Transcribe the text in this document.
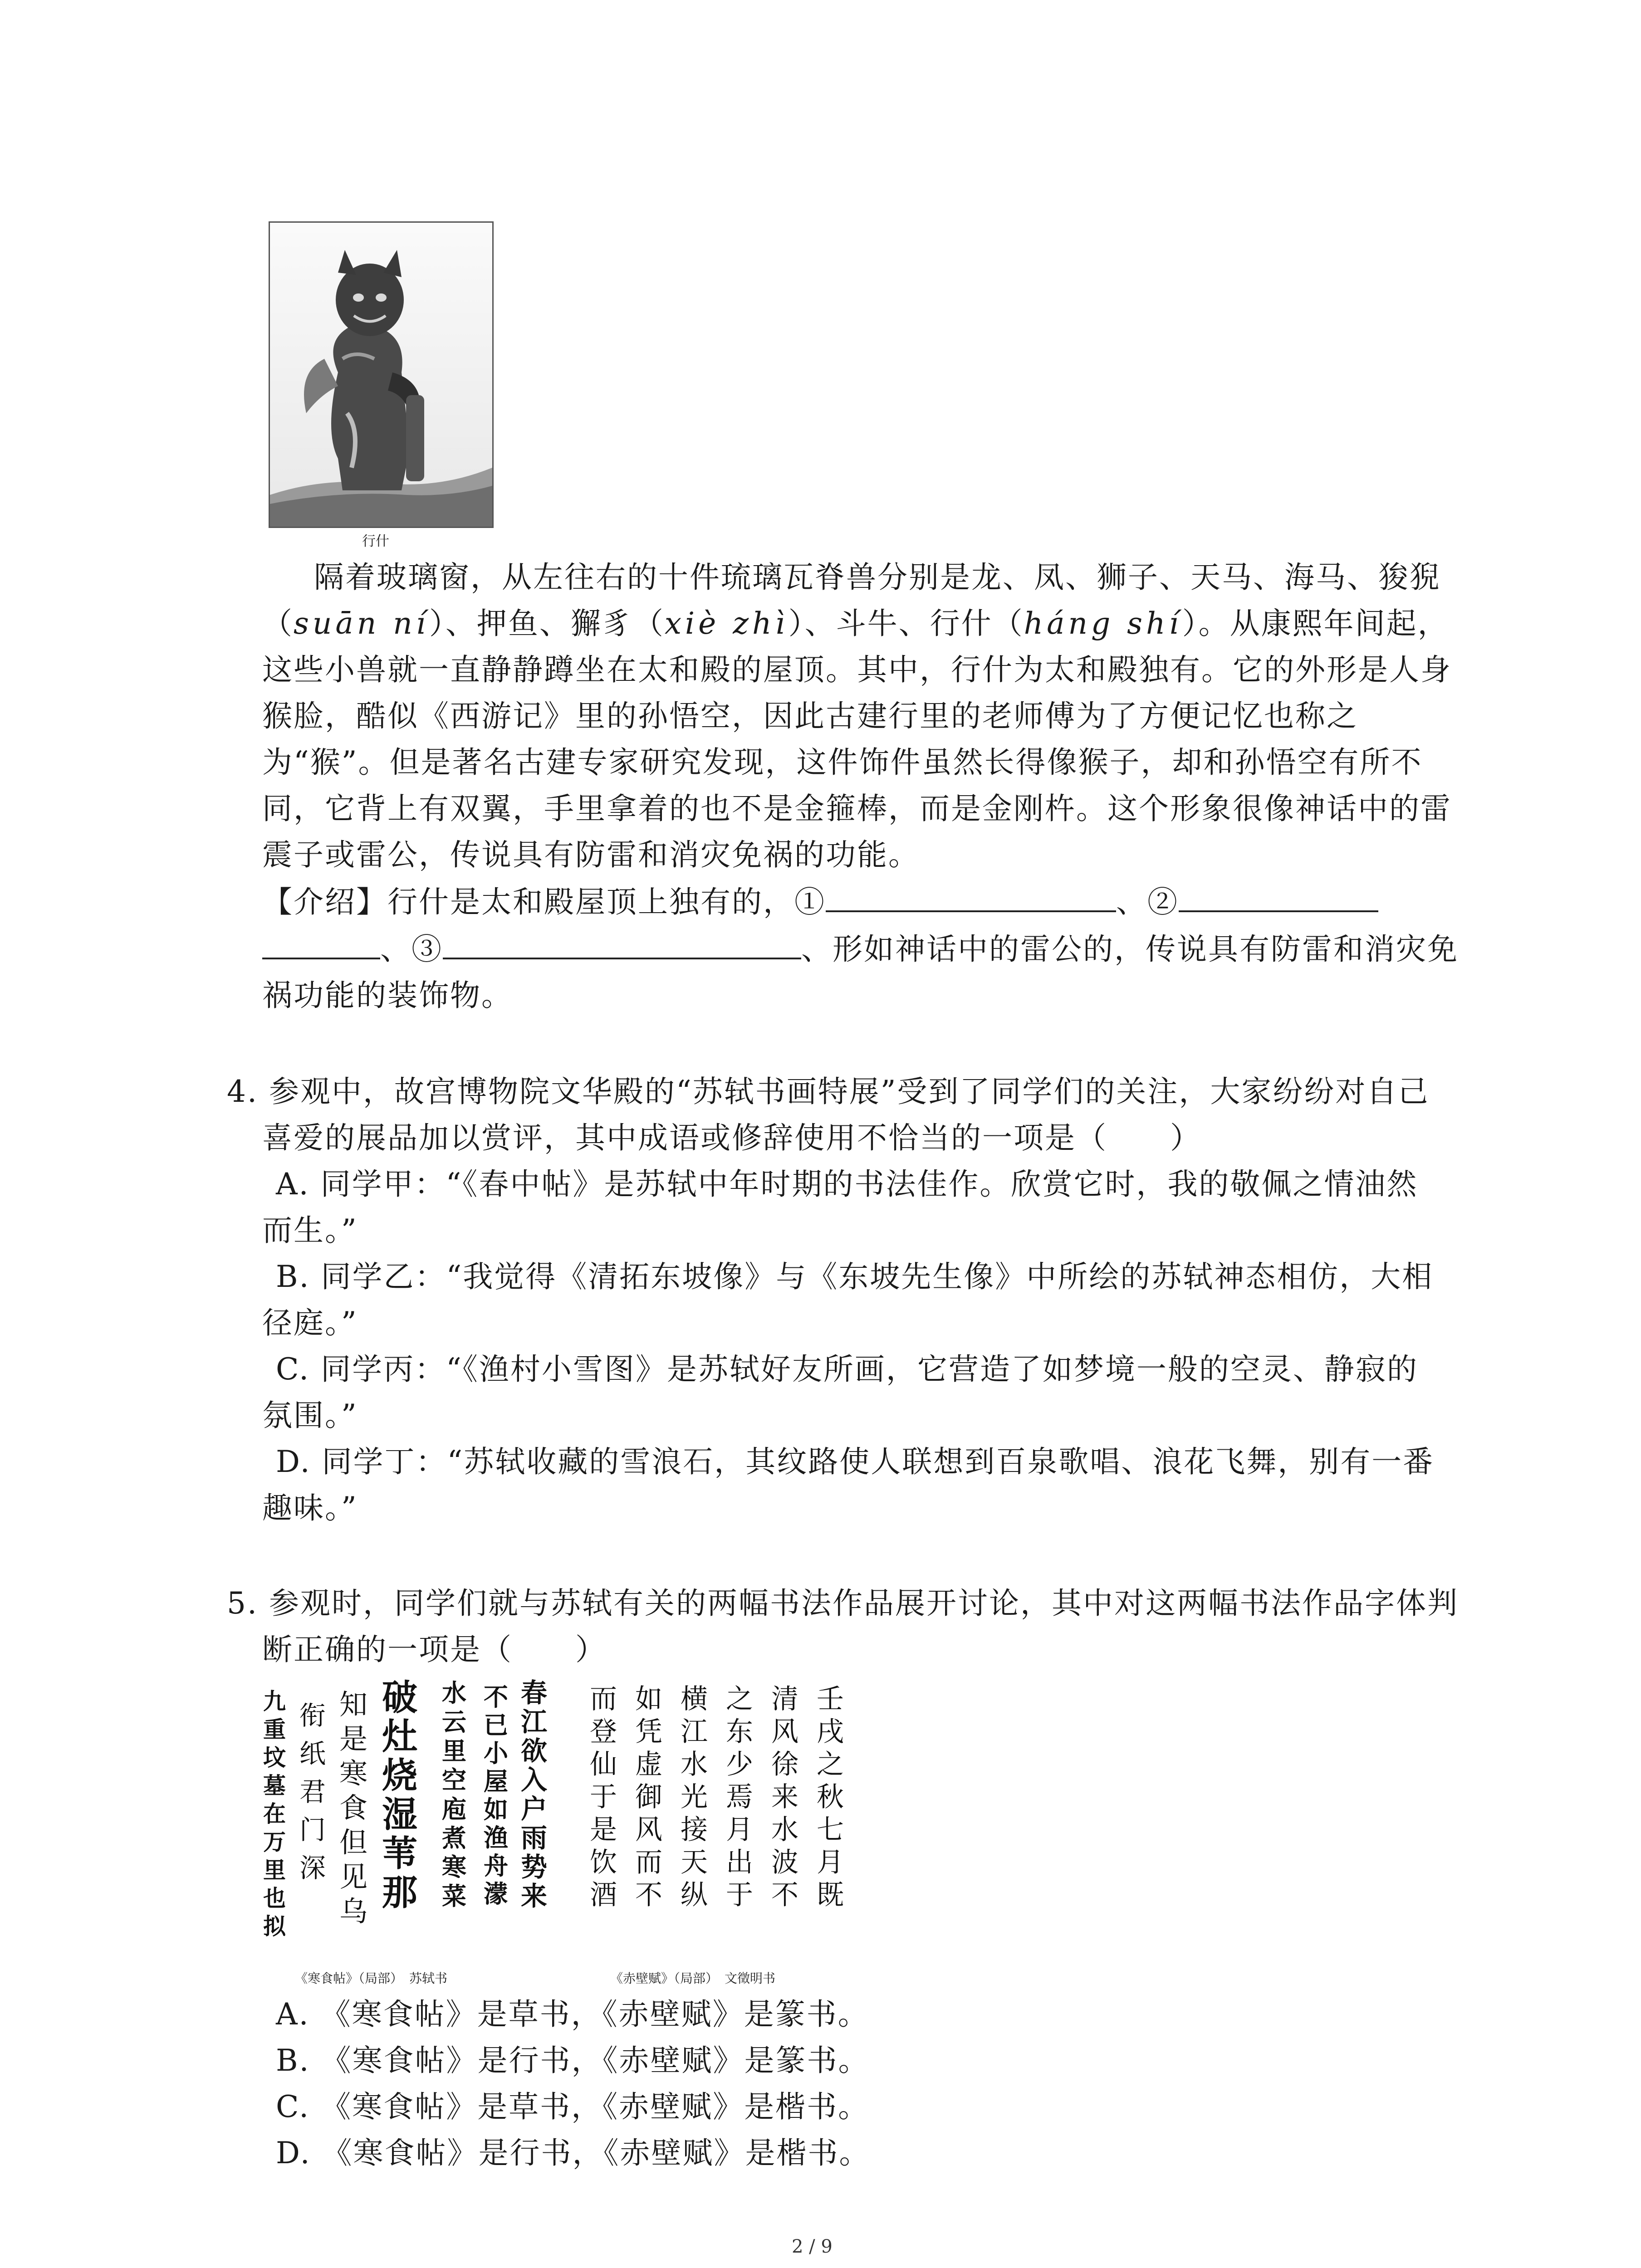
行什
隔着玻璃窗，从左往右的十件琉璃瓦脊兽分别是龙、凤、狮子、天马、海马、狻猊
（suān ní）、押鱼、獬豸（xiè zhì）、斗牛、行什（háng shí）。从康熙年间起，
这些小兽就一直静静蹲坐在太和殿的屋顶。其中，行什为太和殿独有。它的外形是人身
猴脸，酷似《西游记》里的孙悟空，因此古建行里的老师傅为了方便记忆也称之
为“猴”。但是著名古建专家研究发现，这件饰件虽然长得像猴子，却和孙悟空有所不
同，它背上有双翼，手里拿着的也不是金箍棒，而是金刚杵。这个形象很像神话中的雷
震子或雷公，传说具有防雷和消灾免祸的功能。
【介绍】行什是太和殿屋顶上独有的，①	、②
、③	、形如神话中的雷公的，传说具有防雷和消灾免
祸功能的装饰物。
4. 参观中，故宫博物院文华殿的“苏轼书画特展”受到了同学们的关注，大家纷纷对自己
喜爱的展品加以赏评，其中成语或修辞使用不恰当的一项是（　　）
A. 同学甲：“《春中帖》是苏轼中年时期的书法佳作。欣赏它时，我的敬佩之情油然
而生。”
B. 同学乙：“我觉得《清拓东坡像》与《东坡先生像》中所绘的苏轼神态相仿，大相
径庭。”
C. 同学丙：“《渔村小雪图》是苏轼好友所画，它营造了如梦境一般的空灵、静寂的
氛围。”
D. 同学丁：“苏轼收藏的雪浪石，其纹路使人联想到百泉歌唱、浪花飞舞，别有一番
趣味。”
5. 参观时，同学们就与苏轼有关的两幅书法作品展开讨论，其中对这两幅书法作品字体判
断正确的一项是（　　）
春
江
欲
入
户
雨
势
来
不
已
小
屋
如
渔
舟
濛
水
云
里
空
庖
煮
寒
菜
破
灶
烧
湿
苇
那
知
是
寒
食
但
见
乌
衔
纸
君
门
深
九
重
坟
墓
在
万
里
也
拟
《寒食帖》（局部）　苏轼书
壬
戌
之
秋
七
月
既
清
风
徐
来
水
波
不
之
东
少
焉
月
出
于
横
江
水
光
接
天
纵
如
凭
虚
御
风
而
不
而
登
仙
于
是
饮
酒
《赤壁赋》（局部）　文徵明书
A. 《寒食帖》是草书，《赤壁赋》是篆书。
B. 《寒食帖》是行书，《赤壁赋》是篆书。
C. 《寒食帖》是草书，《赤壁赋》是楷书。
D. 《寒食帖》是行书，《赤壁赋》是楷书。
2 / 9
